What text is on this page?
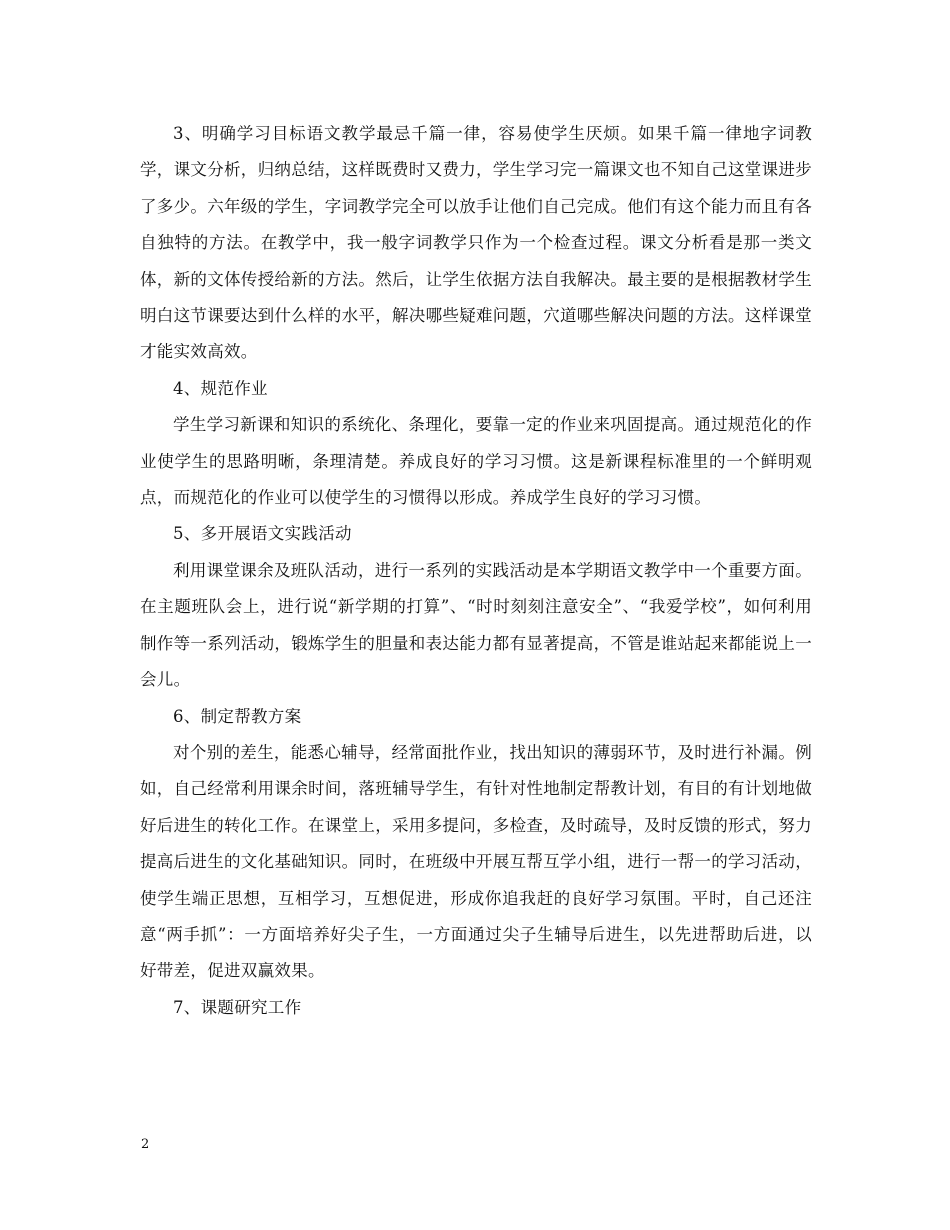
3、明确学习目标语文教学最忌千篇一律，容易使学生厌烦。如果千篇一律地字词教学，课文分析，归纳总结，这样既费时又费力，学生学习完一篇课文也不知自己这堂课进步了多少。六年级的学生，字词教学完全可以放手让他们自己完成。他们有这个能力而且有各自独特的方法。在教学中，我一般字词教学只作为一个检查过程。课文分析看是那一类文体，新的文体传授给新的方法。然后，让学生依据方法自我解决。最主要的是根据教材学生明白这节课要达到什么样的水平，解决哪些疑难问题，穴道哪些解决问题的方法。这样课堂才能实效高效。

4、规范作业

学生学习新课和知识的系统化、条理化，要靠一定的作业来巩固提高。通过规范化的作业使学生的思路明晰，条理清楚。养成良好的学习习惯。这是新课程标准里的一个鲜明观点，而规范化的作业可以使学生的习惯得以形成。养成学生良好的学习习惯。

5、多开展语文实践活动

利用课堂课余及班队活动，进行一系列的实践活动是本学期语文教学中一个重要方面。在主题班队会上，进行说“新学期的打算”、“时时刻刻注意安全”、“我爱学校”，如何利用制作等一系列活动，锻炼学生的胆量和表达能力都有显著提高，不管是谁站起来都能说上一会儿。

6、制定帮教方案

对个别的差生，能悉心辅导，经常面批作业，找出知识的薄弱环节，及时进行补漏。例如，自己经常利用课余时间，落班辅导学生，有针对性地制定帮教计划，有目的有计划地做好后进生的转化工作。在课堂上，采用多提问，多检查，及时疏导，及时反馈的形式，努力提高后进生的文化基础知识。同时，在班级中开展互帮互学小组，进行一帮一的学习活动，使学生端正思想，互相学习，互想促进，形成你追我赶的良好学习氛围。平时，自己还注意“两手抓”：一方面培养好尖子生，一方面通过尖子生辅导后进生，以先进帮助后进，以好带差，促进双赢效果。

7、课题研究工作

2
